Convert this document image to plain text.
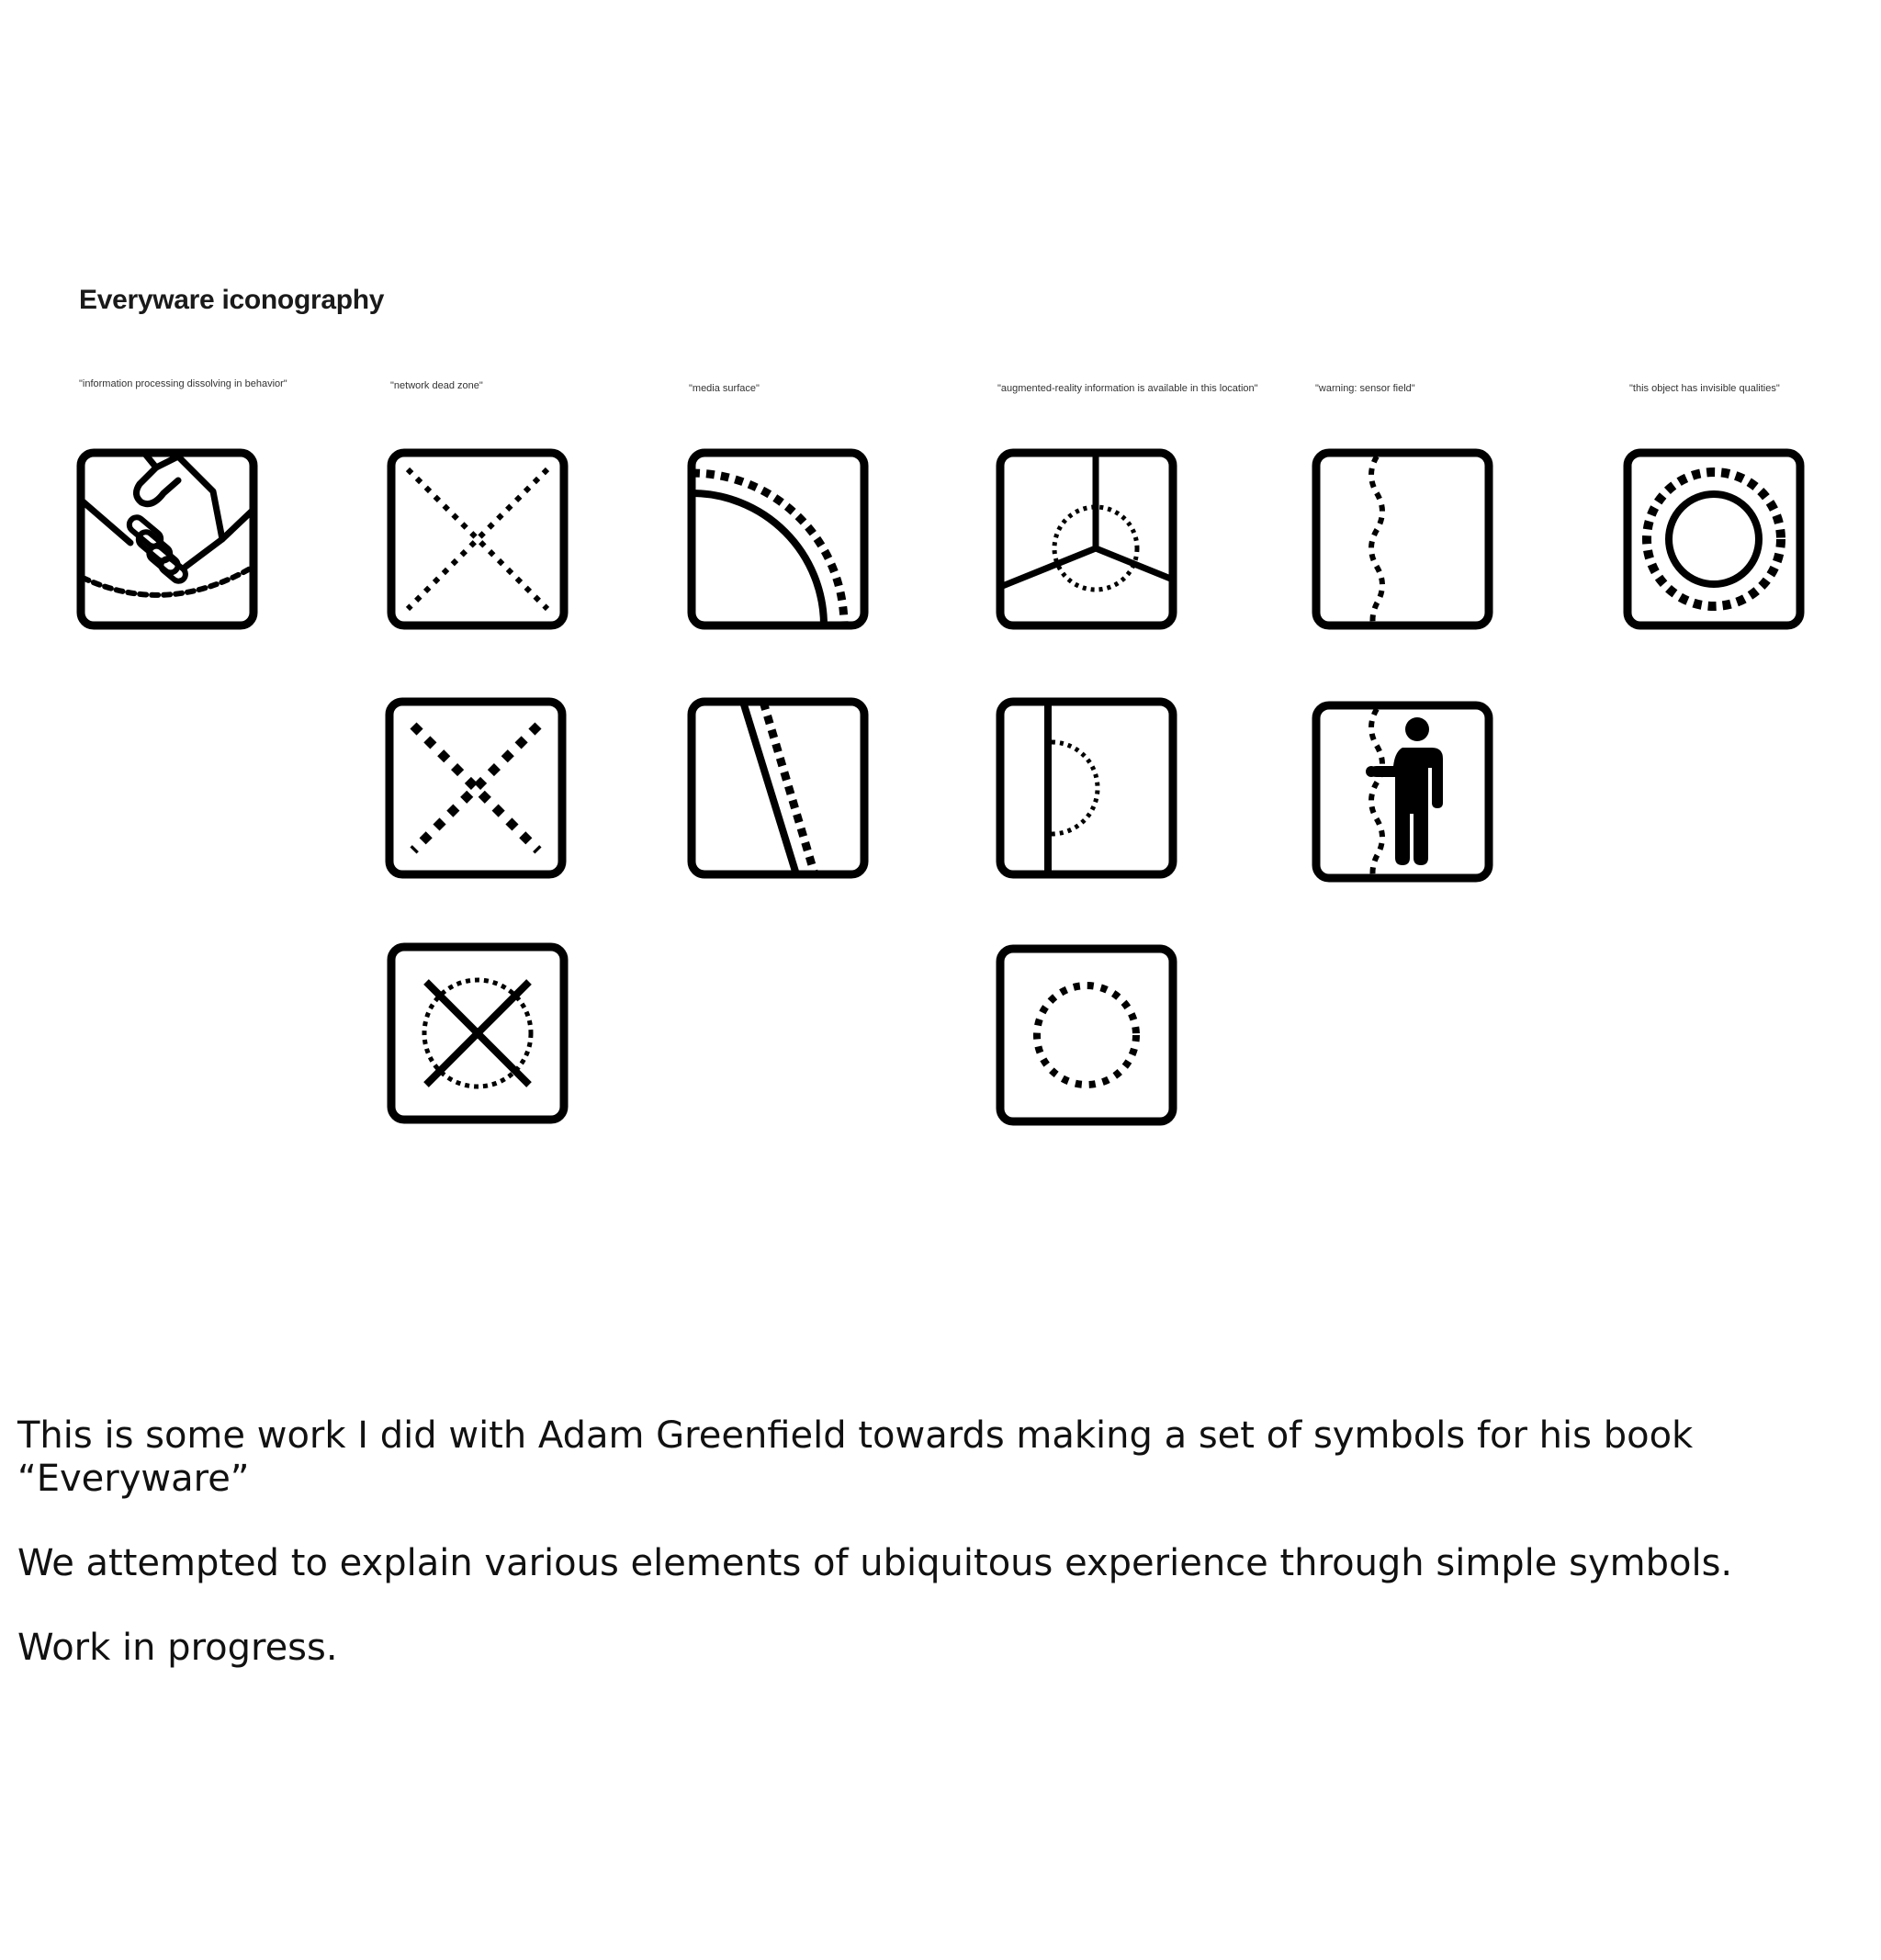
Everyware iconography
"information processing dissolving in behavior"	"network dead zone"	"media surface"	"augmented-reality information is available in this location"	"warning: sensor field"	"this object has invisible qualities"

This is some work I did with Adam Greenfield towards making a set of symbols for his book “Everyware”

We attempted to explain various elements of ubiquitous experience through simple symbols.

Work in progress.
